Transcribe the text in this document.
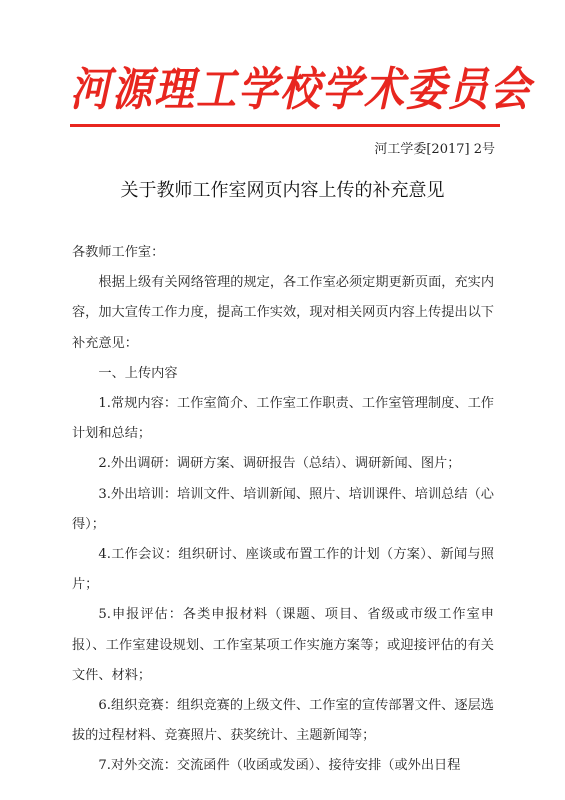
河源理工学校学术委员会
河工学委[2017] 2号
关于教师工作室网页内容上传的补充意见

各教师工作室：

根据上级有关网络管理的规定，各工作室必须定期更新页面，充实内容，加大宣传工作力度，提高工作实效，现对相关网页内容上传提出以下补充意见：

一、上传内容

1.常规内容：工作室简介、工作室工作职责、工作室管理制度、工作计划和总结；

2.外出调研：调研方案、调研报告（总结）、调研新闻、图片；

3.外出培训：培训文件、培训新闻、照片、培训课件、培训总结（心得）；

4.工作会议：组织研讨、座谈或布置工作的计划（方案）、新闻与照片；

5.申报评估：各类申报材料（课题、项目、省级或市级工作室申报）、工作室建设规划、工作室某项工作实施方案等；或迎接评估的有关文件、材料；

6.组织竞赛：组织竞赛的上级文件、工作室的宣传部署文件、逐层选拔的过程材料、竞赛照片、获奖统计、主题新闻等；

7.对外交流：交流函件（收函或发函）、接待安排（或外出日程
